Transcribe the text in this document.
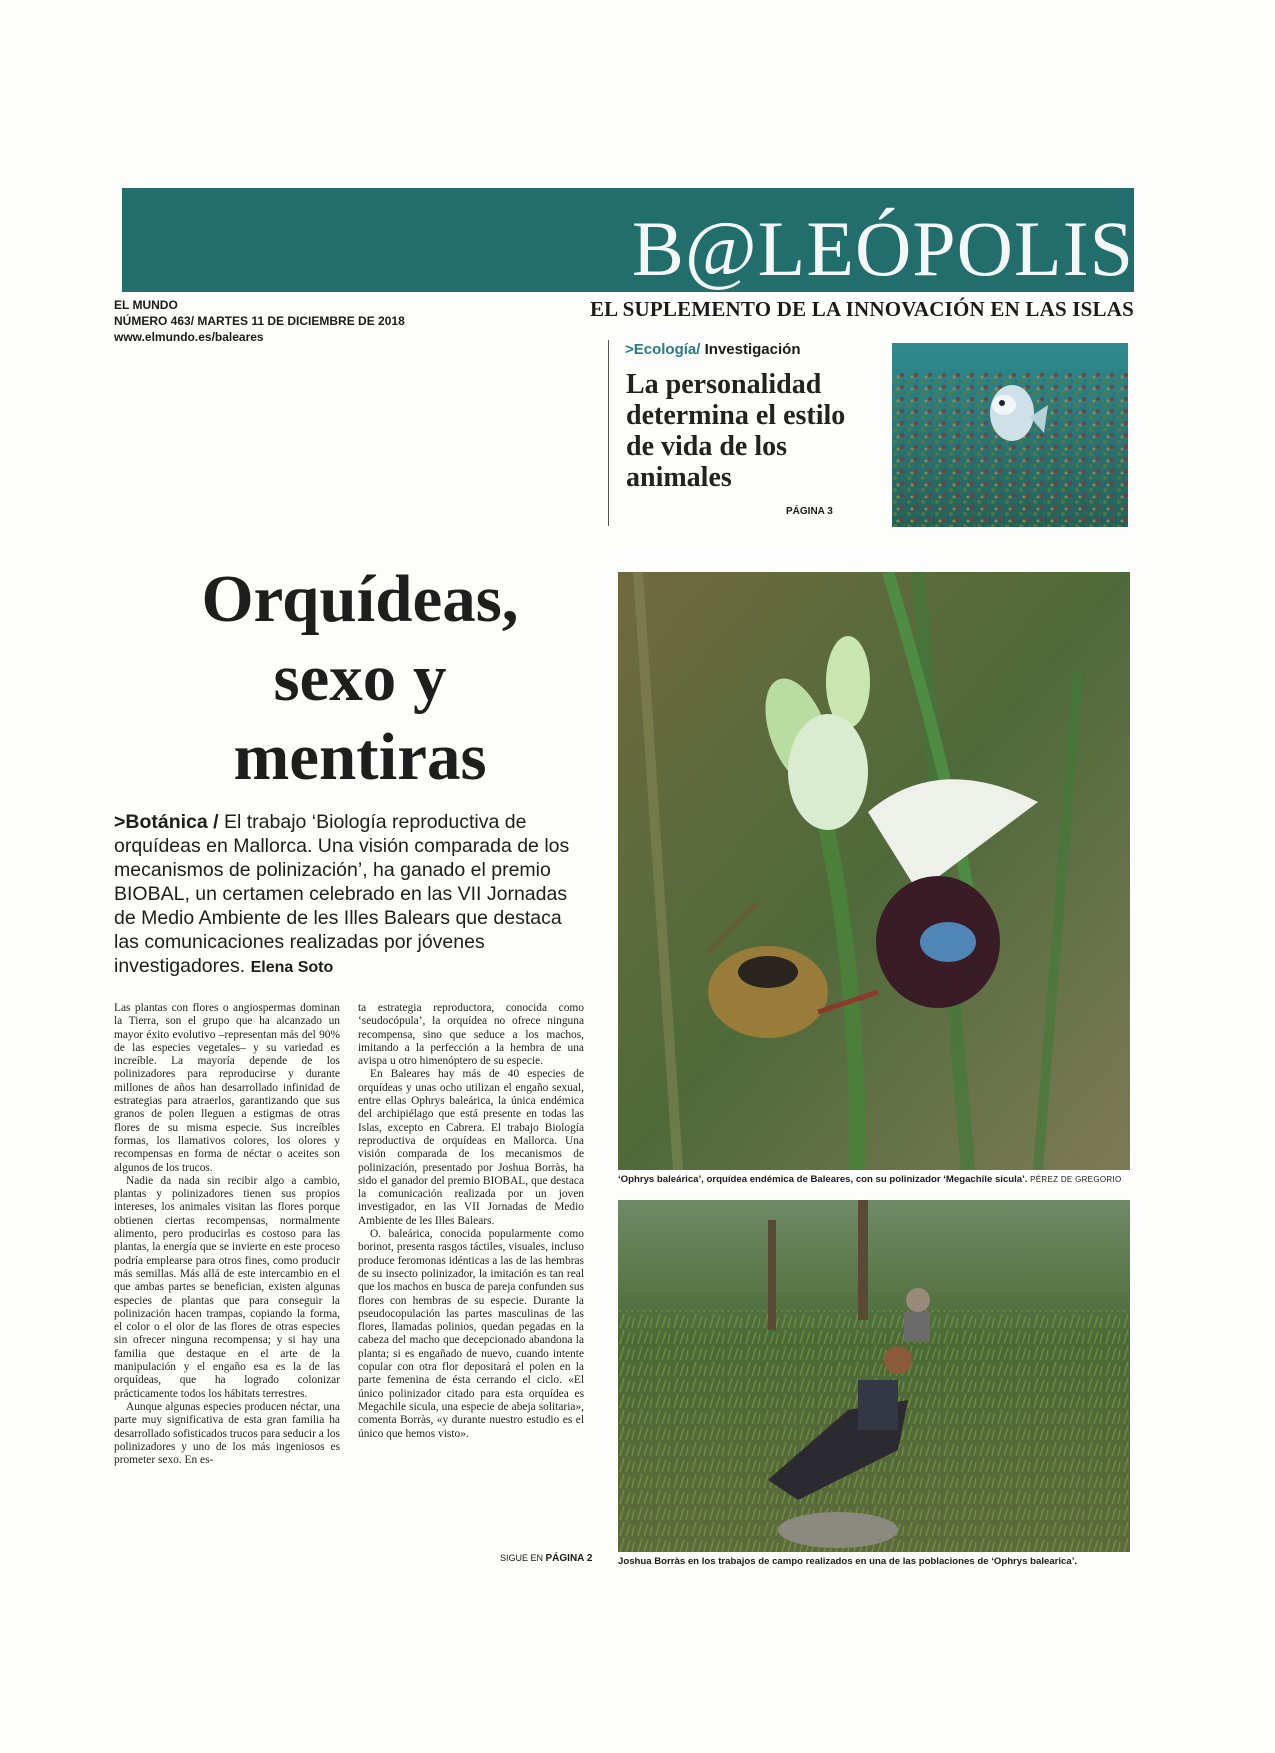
B@LEÓPOLIS
EL SUPLEMENTO DE LA INNOVACIÓN EN LAS ISLAS
EL MUNDO
NÚMERO 463/ MARTES 11 DE DICIEMBRE DE 2018
www.elmundo.es/baleares
>Ecología/ Investigación
La personalidad determina el estilo de vida de los animales
PÁGINA 3
Orquídeas,
sexo y
mentiras
>Botánica / El trabajo ‘Biología reproductiva de orquídeas en Mallorca. Una visión comparada de los mecanismos de polinización’, ha ganado el premio BIOBAL, un certamen celebrado en las VII Jornadas de Medio Ambiente de les Illes Balears que destaca las comunicaciones realizadas por jóvenes investigadores. Elena Soto

Las plantas con flores o angiospermas dominan la Tierra, son el grupo que ha alcanzado un mayor éxito evolutivo –representan más del 90% de las especies vegetales– y su variedad es increíble. La mayoría depende de los polinizadores para reproducirse y durante millones de años han desarrollado infinidad de estrategias para atraerlos, garantizando que sus granos de polen lleguen a estigmas de otras flores de su misma especie. Sus increíbles formas, los llamativos colores, los olores y recompensas en forma de néctar o aceites son algunos de los trucos.

Nadie da nada sin recibir algo a cambio, plantas y polinizadores tienen sus propios intereses, los animales visitan las flores porque obtienen ciertas recompensas, normalmente alimento, pero producirlas es costoso para las plantas, la energía que se invierte en este proceso podría emplearse para otros fines, como producir más semillas. Más allá de este intercambio en el que ambas partes se benefician, existen algunas especies de plantas que para conseguir la polinización hacen trampas, copiando la forma, el color o el olor de las flores de otras especies sin ofrecer ninguna recompensa; y si hay una familia que destaque en el arte de la manipulación y el engaño esa es la de las orquídeas, que ha logrado colonizar prácticamente todos los hábitats terrestres.

Aunque algunas especies producen néctar, una parte muy significativa de esta gran familia ha desarrollado sofisticados trucos para seducir a los polinizadores y uno de los más ingeniosos es prometer sexo. En es-

ta estrategia reproductora, conocida como ‘seudocópula’, la orquídea no ofrece ninguna recompensa, sino que seduce a los machos, imitando a la perfección a la hembra de una avispa u otro himenóptero de su especie.

En Baleares hay más de 40 especies de orquídeas y unas ocho utilizan el engaño sexual, entre ellas Ophrys baleárica, la única endémica del archipiélago que está presente en todas las Islas, excepto en Cabrera. El trabajo Biología reproductiva de orquídeas en Mallorca. Una visión comparada de los mecanismos de polinización, presentado por Joshua Borràs, ha sido el ganador del premio BIOBAL, que destaca la comunicación realizada por un joven investigador, en las VII Jornadas de Medio Ambiente de les Illes Balears.

O. baleárica, conocida popularmente como borinot, presenta rasgos táctiles, visuales, incluso produce feromonas idénticas a las de las hembras de su insecto polinizador, la imitación es tan real que los machos en busca de pareja confunden sus flores con hembras de su especie. Durante la pseudocopulación las partes masculinas de las flores, llamadas polinios, quedan pegadas en la cabeza del macho que decepcionado abandona la planta; si es engañado de nuevo, cuando intente copular con otra flor depositará el polen en la parte femenina de ésta cerrando el ciclo. «El único polinizador citado para esta orquídea es Megachile sicula, una especie de abeja solitaria», comenta Borràs, «y durante nuestro estudio es el único que hemos visto».

SIGUE EN PÁGINA 2
‘Ophrys baleárica’, orquídea endémica de Baleares, con su polinizador ‘Megachile sicula’. PÉREZ DE GREGORIO
Joshua Borràs en los trabajos de campo realizados en una de las poblaciones de ‘Ophrys balearica’.
